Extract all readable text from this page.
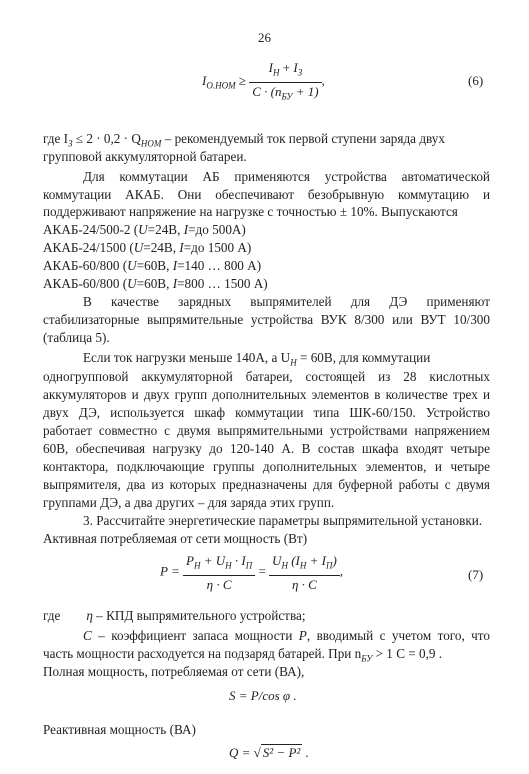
26
$I_{О.НОМ} \ge \frac{I_Н + I_З}{C \cdot (n_{БУ} + 1)}$ ,	(6)
где $I_З \le 2 \cdot 0,2 \cdot Q_{НОМ}$ – рекомендуемый ток первой ступени заряда двух
групповой аккумуляторной батареи.
Для коммутации АБ применяются устройства автоматической
коммутации АКАБ. Они обеспечивают безобрывную коммутацию и
поддерживают напряжение на нагрузке с точностью ± 10%. Выпускаются
АКАБ-24/500-2 (U=24В, I=до 500А)
АКАБ-24/1500 (U=24В, I=до 1500 А)
АКАБ-60/800 (U=60В, I=140 … 800 А)
АКАБ-60/800 (U=60В, I=800 … 1500 А)
В качестве зарядных выпрямителей для ДЭ применяют
стабилизаторные выпрямительные устройства ВУК 8/300 или ВУТ 10/300
(таблица 5).
Если ток нагрузки меньше 140А, а $U_Н = 60В$, для коммутации
одногрупповой аккумуляторной батареи, состоящей из 28 кислотных
аккумуляторов и двух групп дополнительных элементов в количестве трех и
двух ДЭ, используется шкаф коммутации типа ШК-60/150. Устройство
работает совместно с двумя выпрямительными устройствами напряжением
60В, обеспечивая нагрузку до 120-140 А. В состав шкафа входят четыре
контактора, подключающие группы дополнительных элементов, и четыре
выпрямителя, два из которых предназначены для буферной работы с двумя
группами ДЭ, а два других – для заряда этих групп.
3. Рассчитайте энергетические параметры выпрямительной установки.
Активная потребляемая от сети мощность (Вт)
$P = \frac{P_Н + U_Н \cdot I_П}{\eta \cdot C} = \frac{U_Н (I_Н + I_П)}{\eta \cdot C}$ ,	(7)
где η – КПД выпрямительного устройства;
C – коэффициент запаса мощности P, вводимый с учетом того, что
часть мощности расходуется на подзаряд батарей. При $n_{БУ} > 1$ C = 0,9 .
Полная мощность, потребляемая от сети (ВА),
S = P/cos φ .
Реактивная мощность (ВА)
Q = √ S² − P² .
